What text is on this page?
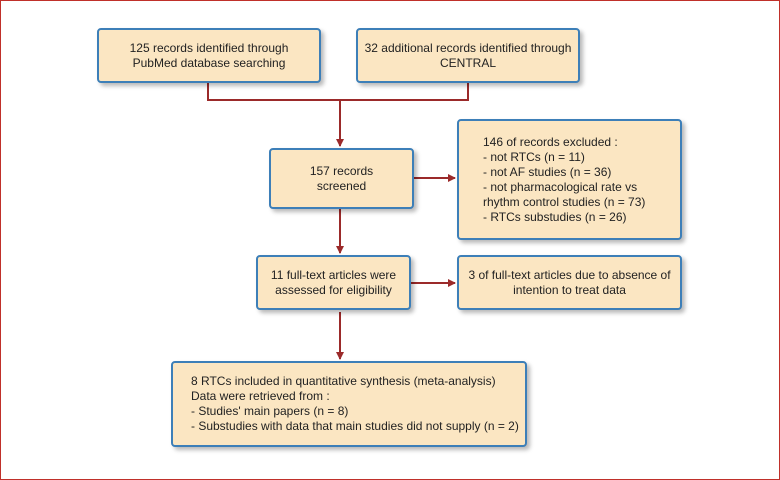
125 records identified through
PubMed database searching
32 additional records identified through
CENTRAL
157 records
screened
146 of records excluded :
- not RTCs (n = 11)
- not AF studies (n = 36)
- not pharmacological rate vs rhythm control studies (n = 73)
- RTCs substudies (n = 26)
11 full-text articles were
assessed for eligibility
3 of full-text articles due to absence of
intention to treat data
8 RTCs included in quantitative synthesis (meta-analysis)
Data were retrieved from :
- Studies' main papers (n = 8)
- Substudies with data that main studies did not supply (n = 2)
